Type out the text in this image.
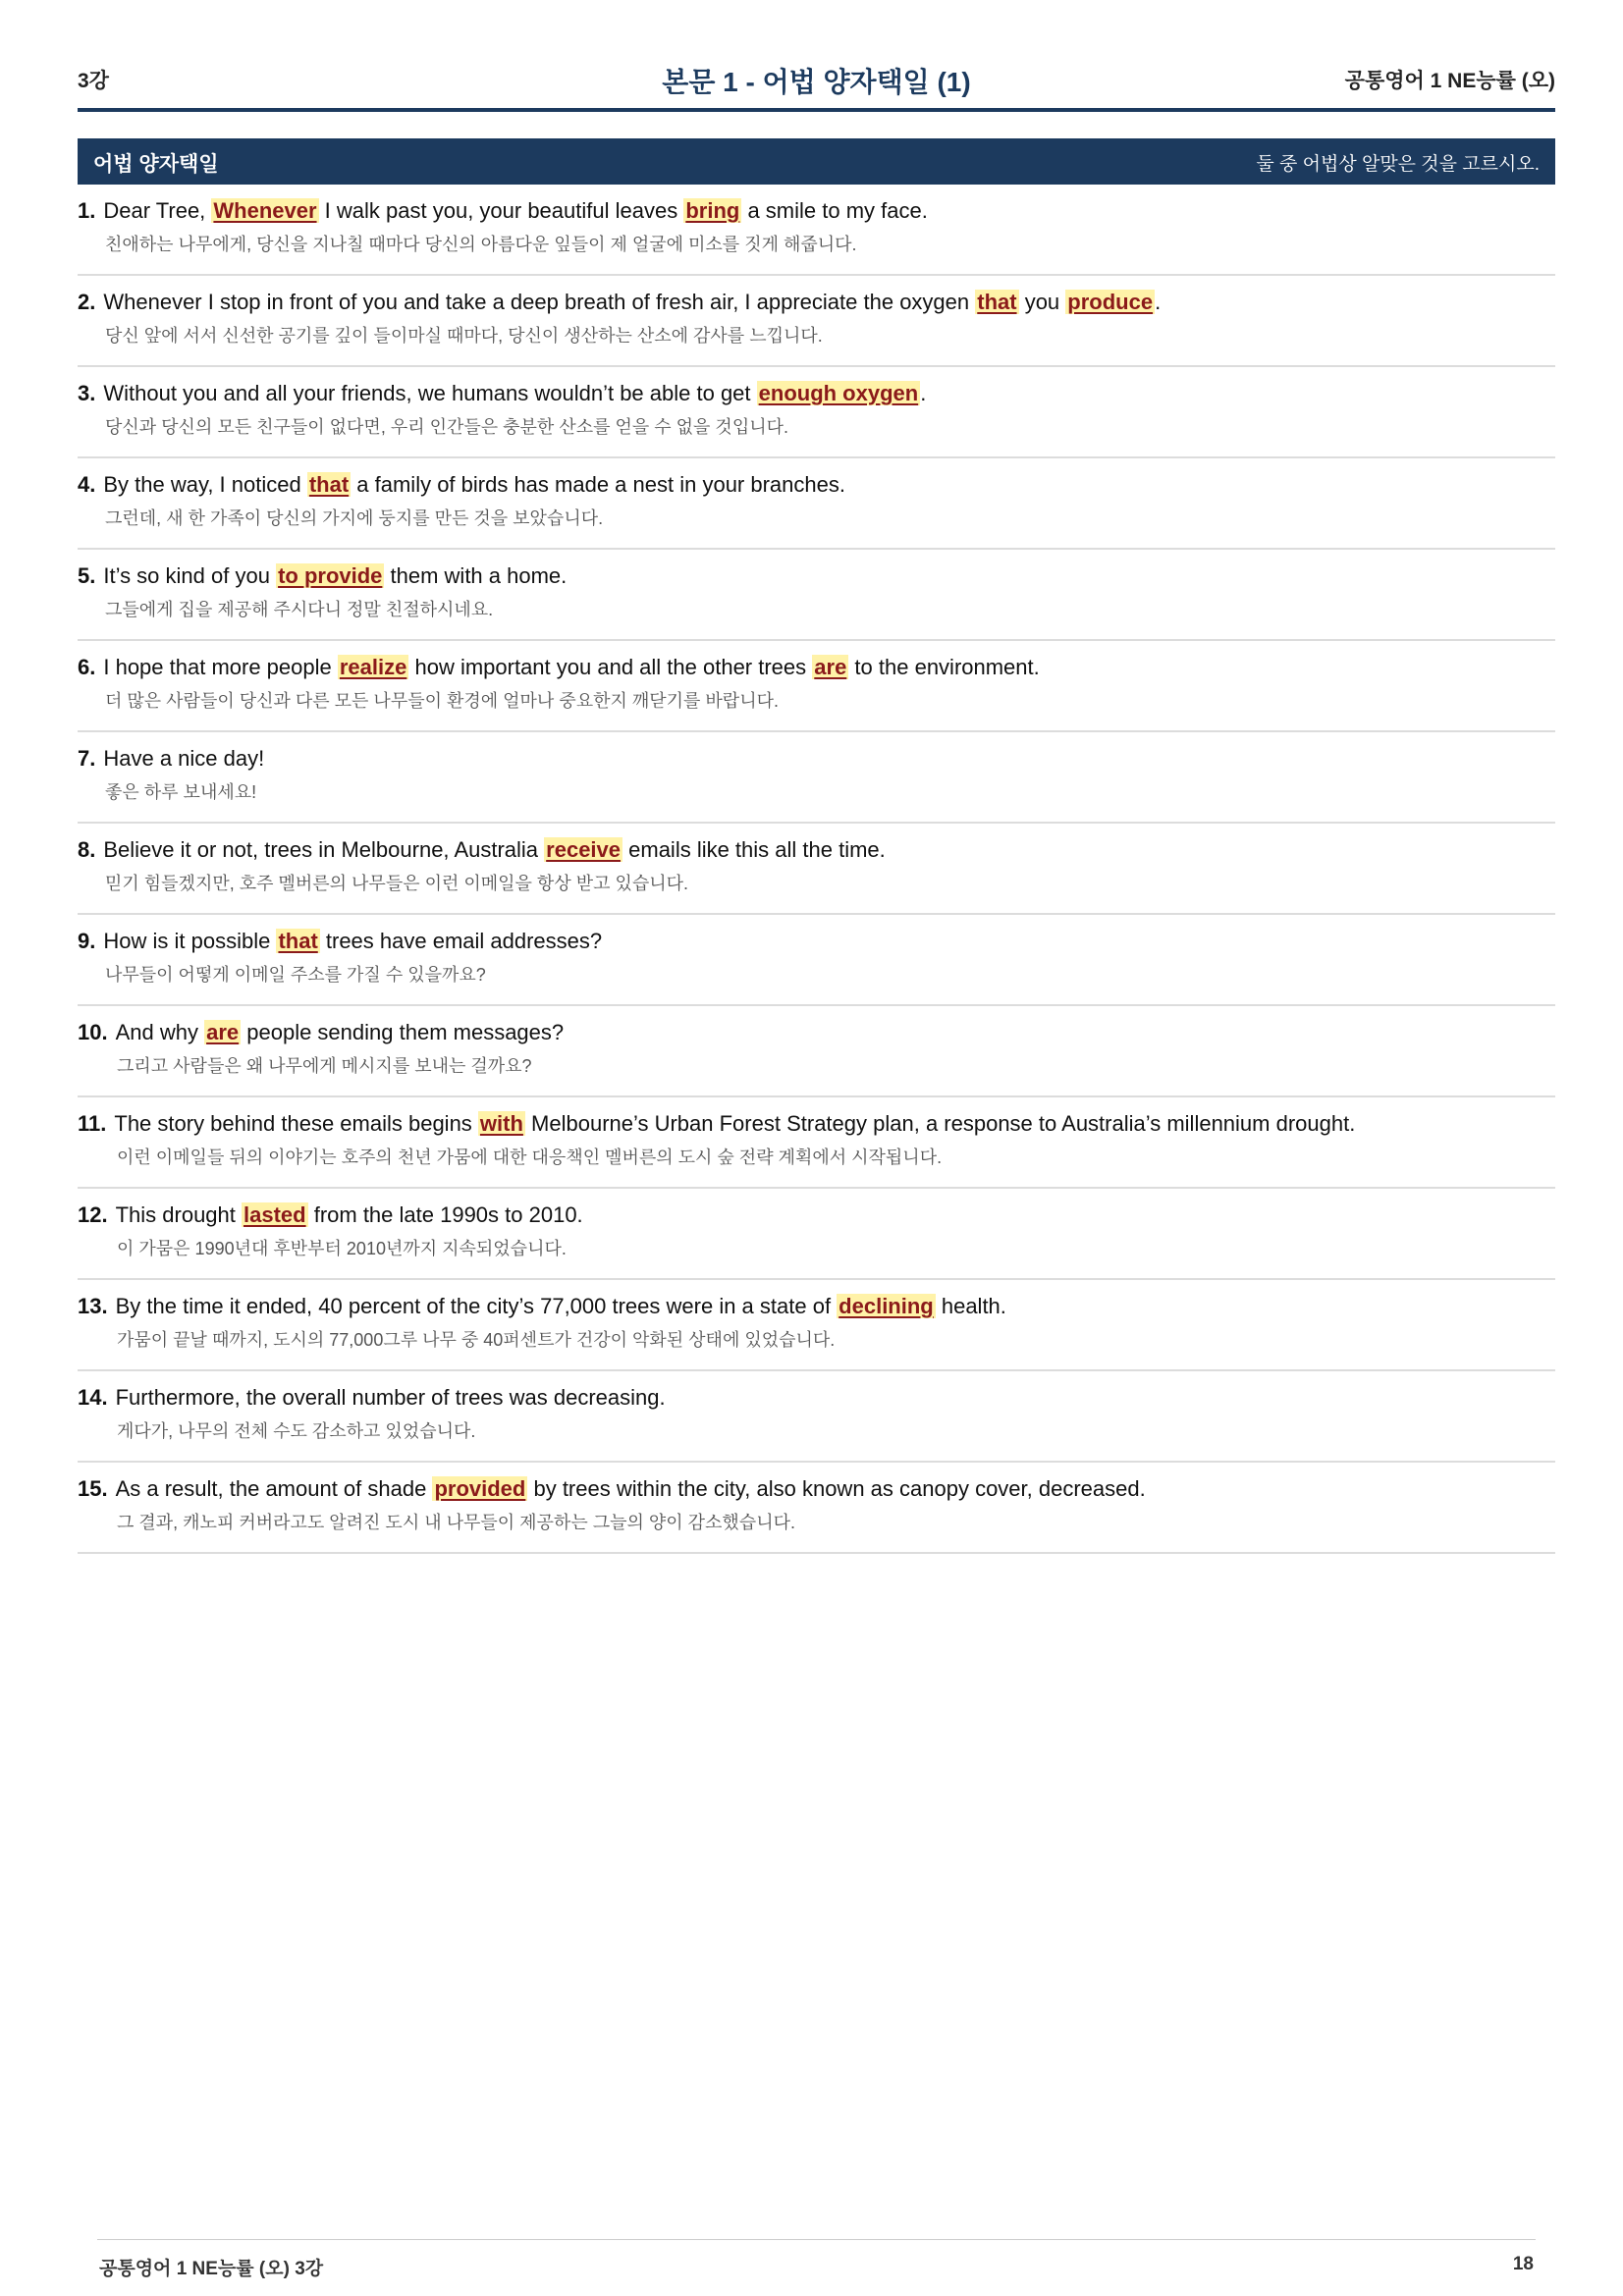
3강	본문 1 - 어법 양자택일 (1)	공통영어 1 NE능률 (오)
어법 양자택일	둘 중 어법상 알맞은 것을 고르시오.
1. Dear Tree, Whenever I walk past you, your beautiful leaves bring a smile to my face.
친애하는 나무에게, 당신을 지나칠 때마다 당신의 아름다운 잎들이 제 얼굴에 미소를 짓게 해줍니다.
2. Whenever I stop in front of you and take a deep breath of fresh air, I appreciate the oxygen that you produce.
당신 앞에 서서 신선한 공기를 깊이 들이마실 때마다, 당신이 생산하는 산소에 감사를 느낍니다.
3. Without you and all your friends, we humans wouldn’t be able to get enough oxygen.
당신과 당신의 모든 친구들이 없다면, 우리 인간들은 충분한 산소를 얻을 수 없을 것입니다.
4. By the way, I noticed that a family of birds has made a nest in your branches.
그런데, 새 한 가족이 당신의 가지에 둥지를 만든 것을 보았습니다.
5. It’s so kind of you to provide them with a home.
그들에게 집을 제공해 주시다니 정말 친절하시네요.
6. I hope that more people realize how important you and all the other trees are to the environment.
더 많은 사람들이 당신과 다른 모든 나무들이 환경에 얼마나 중요한지 깨닫기를 바랍니다.
7. Have a nice day!
좋은 하루 보내세요!
8. Believe it or not, trees in Melbourne, Australia receive emails like this all the time.
믿기 힘들겠지만, 호주 멜버른의 나무들은 이런 이메일을 항상 받고 있습니다.
9. How is it possible that trees have email addresses?
나무들이 어떻게 이메일 주소를 가질 수 있을까요?
10. And why are people sending them messages?
그리고 사람들은 왜 나무에게 메시지를 보내는 걸까요?
11. The story behind these emails begins with Melbourne’s Urban Forest Strategy plan, a response to Australia’s millennium drought.
이런 이메일들 뒤의 이야기는 호주의 천년 가뭄에 대한 대응책인 멜버른의 도시 숲 전략 계획에서 시작됩니다.
12. This drought lasted from the late 1990s to 2010.
이 가뭄은 1990년대 후반부터 2010년까지 지속되었습니다.
13. By the time it ended, 40 percent of the city’s 77,000 trees were in a state of declining health.
가뭄이 끝날 때까지, 도시의 77,000그루 나무 중 40퍼센트가 건강이 악화된 상태에 있었습니다.
14. Furthermore, the overall number of trees was decreasing.
게다가, 나무의 전체 수도 감소하고 있었습니다.
15. As a result, the amount of shade provided by trees within the city, also known as canopy cover, decreased.
그 결과, 캐노피 커버라고도 알려진 도시 내 나무들이 제공하는 그늘의 양이 감소했습니다.
공통영어 1 NE능률 (오) 3강	18
